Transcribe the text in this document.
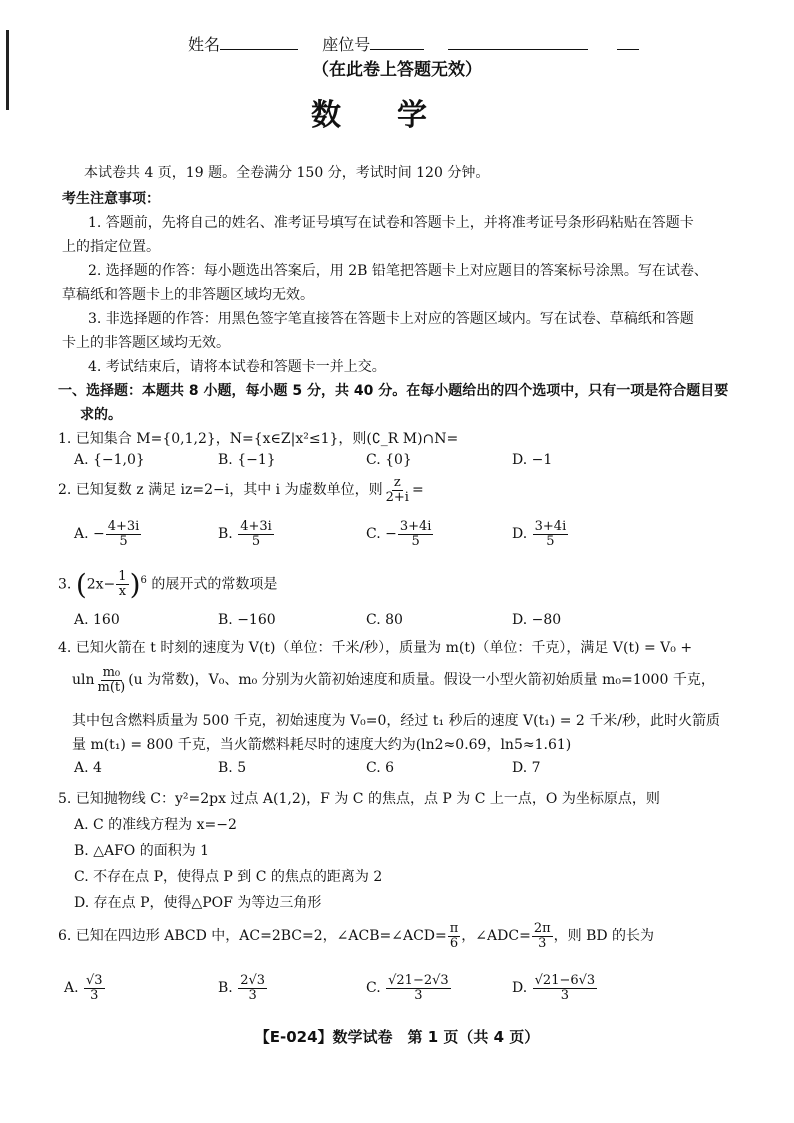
姓名	座位号
（在此卷上答题无效）
数学
本试卷共 4 页，19 题。全卷满分 150 分，考试时间 120 分钟。
考生注意事项：
1. 答题前，先将自己的姓名、准考证号填写在试卷和答题卡上，并将准考证号条形码粘贴在答题卡
上的指定位置。
2. 选择题的作答：每小题选出答案后，用 2B 铅笔把答题卡上对应题目的答案标号涂黑。写在试卷、
草稿纸和答题卡上的非答题区域均无效。
3. 非选择题的作答：用黑色签字笔直接答在答题卡上对应的答题区域内。写在试卷、草稿纸和答题
卡上的非答题区域均无效。
4. 考试结束后，请将本试卷和答题卡一并上交。
一、选择题：本题共 8 小题，每小题 5 分，共 40 分。在每小题给出的四个选项中，只有一项是符合题目要
求的。
1. 已知集合 M={0,1,2}，N={x∈Z|x²≤1}，则(∁_R M)∩N=
A. {−1,0}	B. {−1}	C. {0}	D. −1
2. 已知复数 z 满足 iz=2−i，其中 i 为虚数单位，则 $\frac{z}{2+i}$ =
A. − $\frac{4+3i}{5}$	B. $\frac{4+3i}{5}$	C. − $\frac{3+4i}{5}$	D. $\frac{3+4i}{5}$
3. $(2x- \frac{1}{x} )^6$ 的展开式的常数项是
A. 160	B. −160	C. 80	D. −80
4. 已知火箭在 t 时刻的速度为 V(t)（单位：千米/秒），质量为 m(t)（单位：千克），满足 V(t) = V₀ +
uln $\frac{\text{m₀}}{m(t)} (u$ 为常数)，V₀、m₀ 分别为火箭初始速度和质量。假设一小型火箭初始质量 m₀=1000 千克，
其中包含燃料质量为 500 千克，初始速度为 V₀=0，经过 t₁ 秒后的速度 V(t₁) = 2 千米/秒，此时火箭质
量 m(t₁) = 800 千克，当火箭燃料耗尽时的速度大约为(ln2≈0.69，ln5≈1.61)
A. 4	B. 5	C. 6	D. 7
5. 已知抛物线 C：y²=2px 过点 A(1,2)，F 为 C 的焦点，点 P 为 C 上一点，O 为坐标原点，则
A. C 的准线方程为 x=−2
B. △AFO 的面积为 1
C. 不存在点 P，使得点 P 到 C 的焦点的距离为 2
D. 存在点 P，使得△POF 为等边三角形
6. 已知在四边形 ABCD 中，AC=2BC=2，∠ACB=∠ACD= $\frac{\pi}{6}$ ，∠ADC= $\frac{2\pi}{3}$ ，则 BD 的长为
A. $\frac{√3}{3}$	B. $\frac{2√3}{3}$	C. $\frac{√21-2√3}{3}$	D. $\frac{√21-6√3}{3}$
【E-024】数学试卷　第 1 页（共 4 页）
